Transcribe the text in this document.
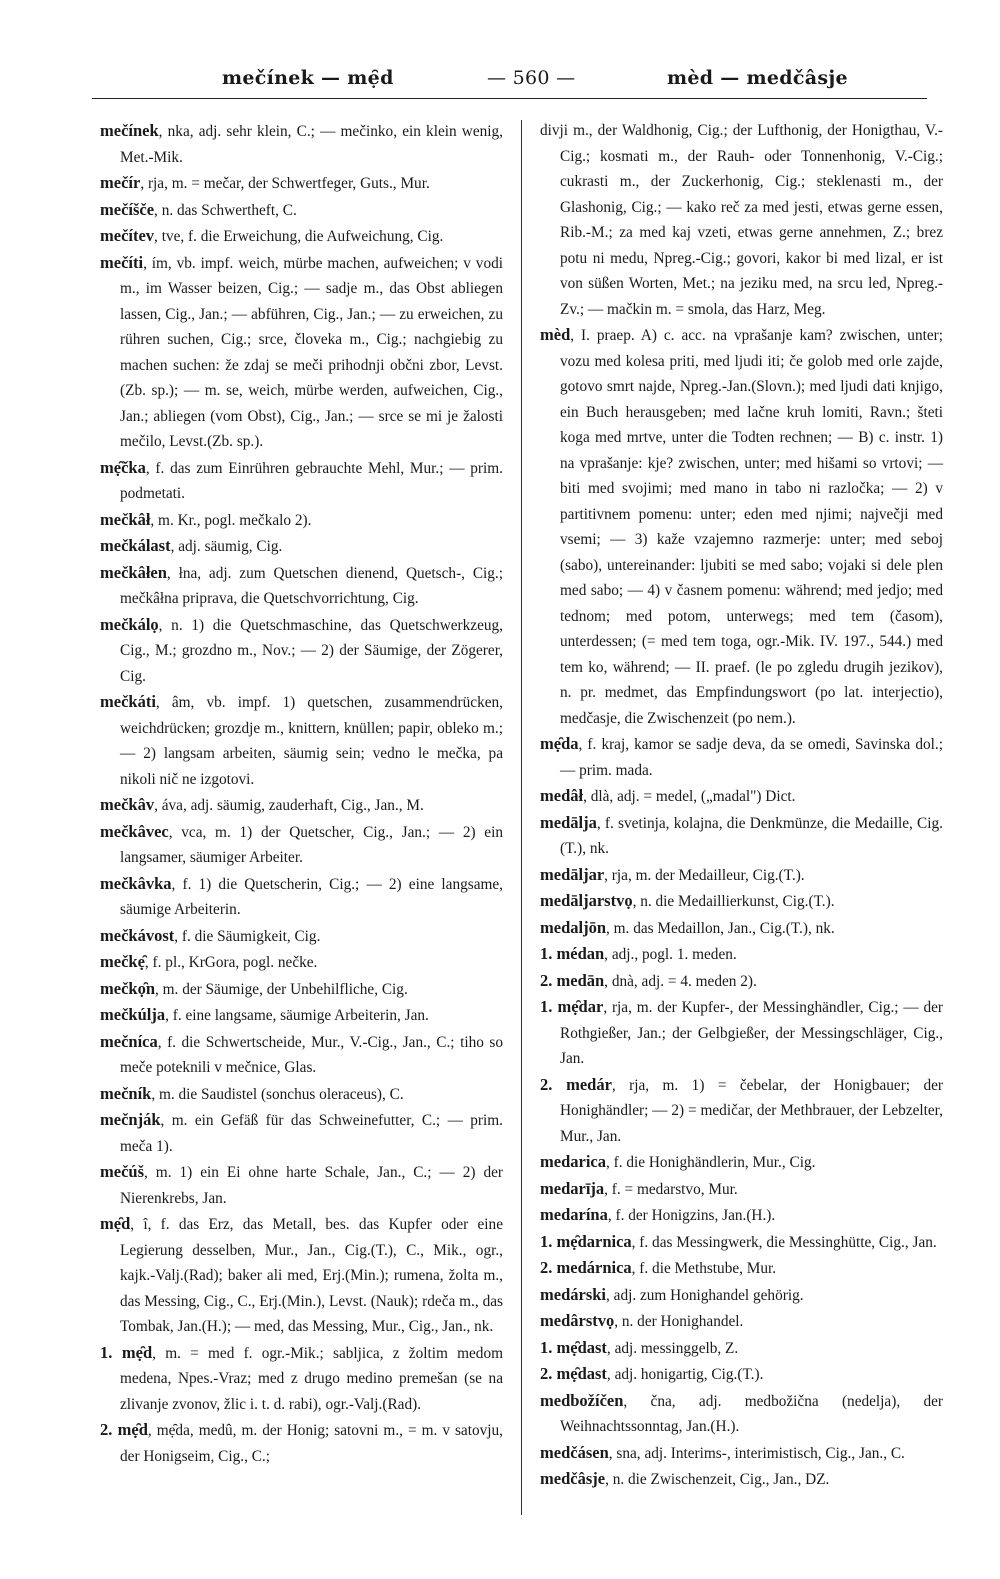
mečínek — mẹ̑d	— 560 —	mèd — medčâsje

mečínek, nka, adj. sehr klein, C.; — mečinko, ein klein wenig, Met.-Mik.

mečír, rja, m. = mečar, der Schwertfeger, Guts., Mur.

mečíšče, n. das Schwertheft, C.

mečítev, tve, f. die Erweichung, die Aufweichung, Cig.

mečíti, ím, vb. impf. weich, mürbe machen, aufweichen; v vodi m., im Wasser beizen, Cig.; — sadje m., das Obst abliegen lassen, Cig., Jan.; — abführen, Cig., Jan.; — zu erweichen, zu rühren suchen, Cig.; srce, človeka m., Cig.; nachgiebig zu machen suchen: že zdaj se meči prihodnji občni zbor, Levst. (Zb. sp.); — m. se, weich, mürbe werden, aufweichen, Cig., Jan.; abliegen (vom Obst), Cig., Jan.; — srce se mi je žalosti mečilo, Levst.(Zb. sp.).

mẹ̑čka, f. das zum Einrühren gebrauchte Mehl, Mur.; — prim. podmetati.

mečkâł, m. Kr., pogl. mečkalo 2).

mečkálast, adj. säumig, Cig.

mečkâłen, łna, adj. zum Quetschen dienend, Quetsch-, Cig.; mečkâłna priprava, die Quetschvorrichtung, Cig.

mečkálọ, n. 1) die Quetschmaschine, das Quetschwerkzeug, Cig., M.; grozdno m., Nov.; — 2) der Säumige, der Zögerer, Cig.

mečkáti, âm, vb. impf. 1) quetschen, zusammendrücken, weichdrücken; grozdje m., knittern, knüllen; papir, obleko m.; — 2) langsam arbeiten, säumig sein; vedno le mečka, pa nikoli nič ne izgotovi.

mečkâv, áva, adj. säumig, zauderhaft, Cig., Jan., M.

mečkâvec, vca, m. 1) der Quetscher, Cig., Jan.; — 2) ein langsamer, säumiger Arbeiter.

mečkâvka, f. 1) die Quetscherin, Cig.; — 2) eine langsame, säumige Arbeiterin.

mečkávost, f. die Säumigkeit, Cig.

mečkẹ̑, f. pl., KrGora, pogl. nečke.

mečkọ̑n, m. der Säumige, der Unbehilfliche, Cig.

mečkúlja, f. eine langsame, säumige Arbeiterin, Jan.

mečníca, f. die Schwertscheide, Mur., V.-Cig., Jan., C.; tiho so meče poteknili v mečnice, Glas.

mečník, m. die Saudistel (sonchus oleraceus), C.

mečnják, m. ein Gefäß für das Schweinefutter, C.; — prim. meča 1).

mečúš, m. 1) ein Ei ohne harte Schale, Jan., C.; — 2) der Nierenkrebs, Jan.

mẹ̑d, î, f. das Erz, das Metall, bes. das Kupfer oder eine Legierung desselben, Mur., Jan., Cig.(T.), C., Mik., ogr., kajk.-Valj.(Rad); baker ali med, Erj.(Min.); rumena, žolta m., das Messing, Cig., C., Erj.(Min.), Levst. (Nauk); rdeča m., das Tombak, Jan.(H.); — med, das Messing, Mur., Cig., Jan., nk.

1. mẹ̑d, m. = med f. ogr.-Mik.; sabljica, z žoltim medom medena, Npes.-Vraz; med z drugo medino premešan (se na zlivanje zvonov, žlic i. t. d. rabi), ogr.-Valj.(Rad).

2. mẹ̑d, mẹ̑da, medû, m. der Honig; satovni m., = m. v satovju, der Honigseim, Cig., C.;

divji m., der Waldhonig, Cig.; der Lufthonig, der Honigthau, V.-Cig.; kosmati m., der Rauh- oder Tonnenhonig, V.-Cig.; cukrasti m., der Zuckerhonig, Cig.; steklenasti m., der Glashonig, Cig.; — kako reč za med jesti, etwas gerne essen, Rib.-M.; za med kaj vzeti, etwas gerne annehmen, Z.; brez potu ni medu, Npreg.-Cig.; govori, kakor bi med lizal, er ist von süßen Worten, Met.; na jeziku med, na srcu led, Npreg.-Zv.; — mačkin m. = smola, das Harz, Meg.

mèd, I. praep. A) c. acc. na vprašanje kam? zwischen, unter; vozu med kolesa priti, med ljudi iti; če golob med orle zajde, gotovo smrt najde, Npreg.-Jan.(Slovn.); med ljudi dati knjigo, ein Buch herausgeben; med lačne kruh lomiti, Ravn.; šteti koga med mrtve, unter die Todten rechnen; — B) c. instr. 1) na vprašanje: kje? zwischen, unter; med hišami so vrtovi; — biti med svojimi; med mano in tabo ni razločka; — 2) v partitivnem pomenu: unter; eden med njimi; največji med vsemi; — 3) kaže vzajemno razmerje: unter; med seboj (sabo), untereinander: ljubiti se med sabo; vojaki si dele plen med sabo; — 4) v časnem pomenu: während; med jedjo; med tednom; med potom, unterwegs; med tem (časom), unterdessen; (= med tem toga, ogr.-Mik. IV. 197., 544.) med tem ko, während; — II. praef. (le po zgledu drugih jezikov), n. pr. medmet, das Empfindungswort (po lat. interjectio), medčasje, die Zwischenzeit (po nem.).

mẹ̑da, f. kraj, kamor se sadje deva, da se omedi, Savinska dol.; — prim. mada.

medâł, dlà, adj. = medel, („madal") Dict.

medālja, f. svetinja, kolajna, die Denkmünze, die Medaille, Cig.(T.), nk.

medāljar, rja, m. der Medailleur, Cig.(T.).

medāljarstvọ, n. die Medaillierkunst, Cig.(T.).

medaljōn, m. das Medaillon, Jan., Cig.(T.), nk.

1. médan, adj., pogl. 1. meden.

2. medān, dnà, adj. = 4. meden 2).

1. mẹ̑dar, rja, m. der Kupfer-, der Messinghändler, Cig.; — der Rothgießer, Jan.; der Gelbgießer, der Messingschläger, Cig., Jan.

2. medár, rja, m. 1) = čebelar, der Honigbauer; der Honighändler; — 2) = medičar, der Methbrauer, der Lebzelter, Mur., Jan.

medarica, f. die Honighändlerin, Mur., Cig.

medarīja, f. = medarstvo, Mur.

medarína, f. der Honigzins, Jan.(H.).

1. mẹ̑darnica, f. das Messingwerk, die Messinghütte, Cig., Jan.

2. medárnica, f. die Methstube, Mur.

medárski, adj. zum Honighandel gehörig.

medârstvọ, n. der Honighandel.

1. mẹ̑dast, adj. messinggelb, Z.

2. mẹ̑dast, adj. honigartig, Cig.(T.).

medbožíčen, čna, adj. medbožična (nedelja), der Weihnachtssonntag, Jan.(H.).

medčásen, sna, adj. Interims-, interimistisch, Cig., Jan., C.

medčâsje, n. die Zwischenzeit, Cig., Jan., DZ.
